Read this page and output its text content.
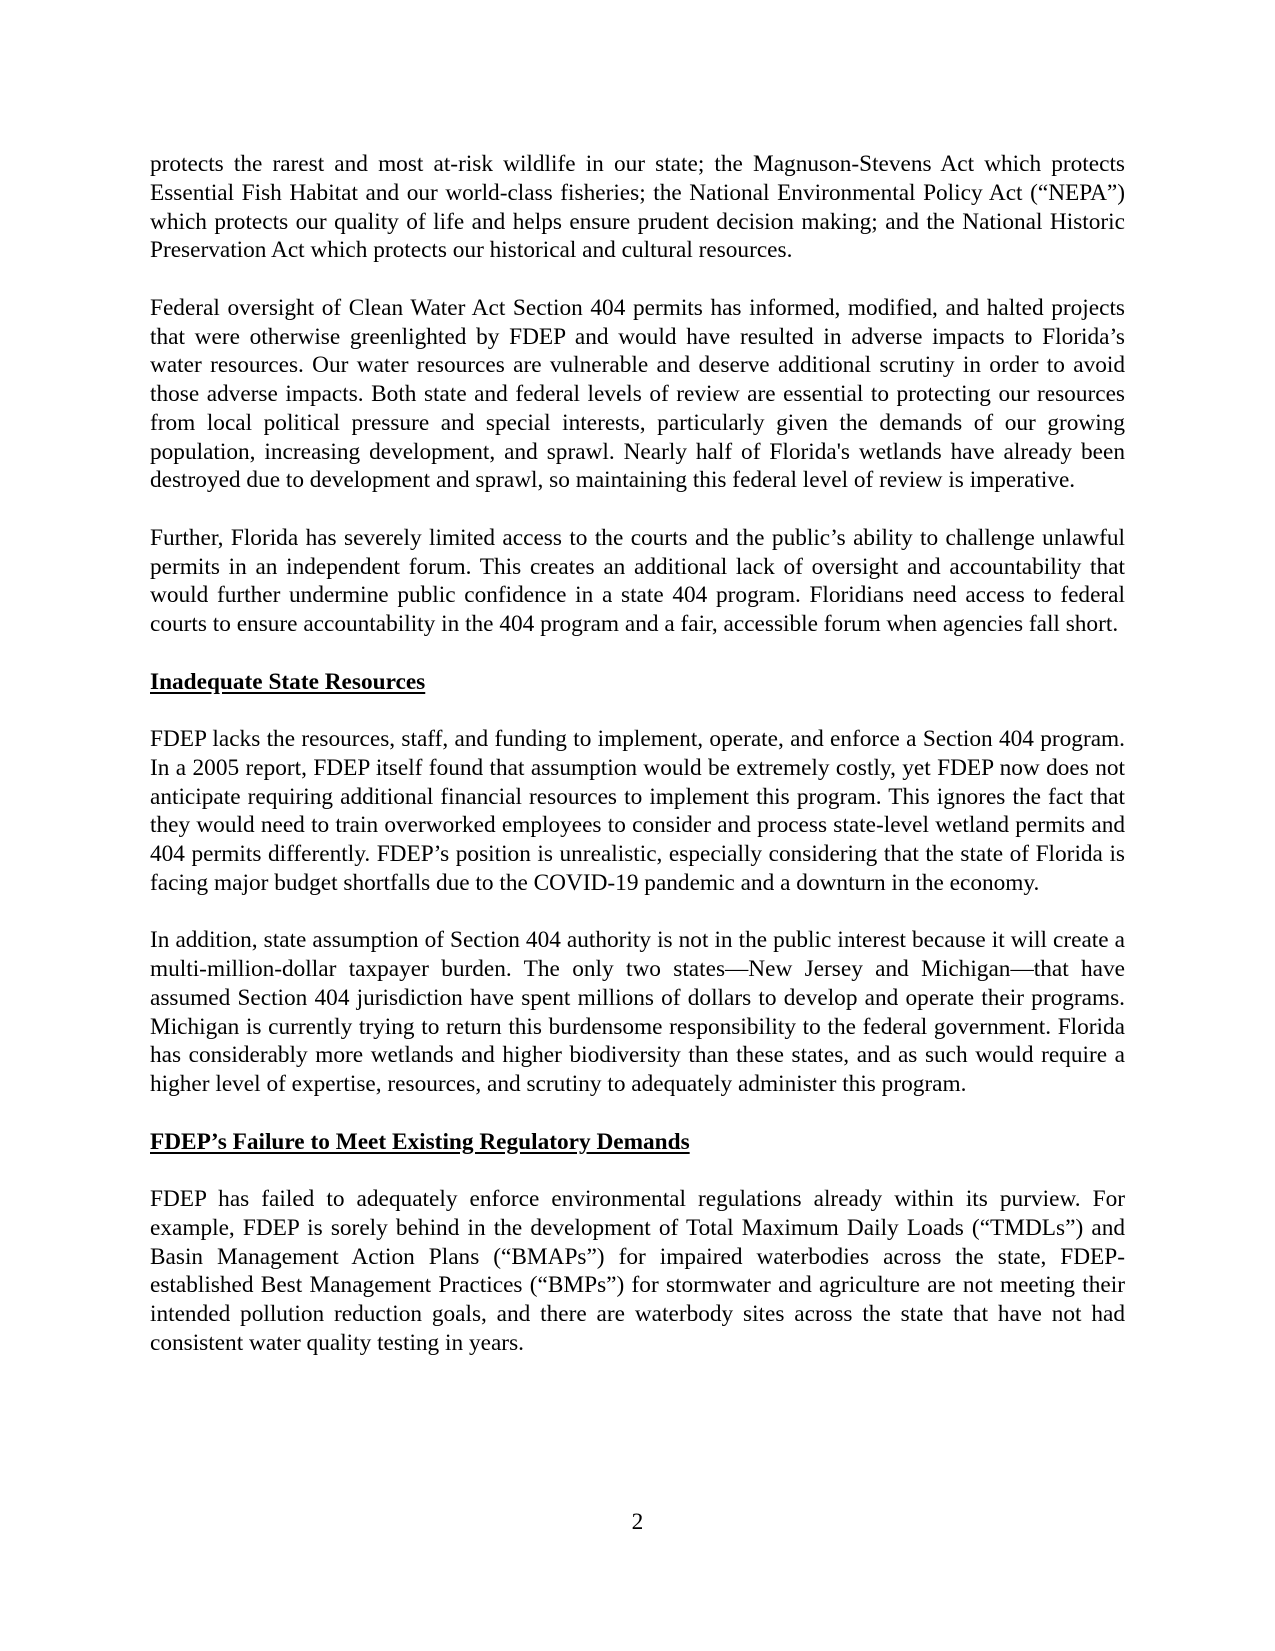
protects the rarest and most at-risk wildlife in our state; the Magnuson-Stevens Act which protects Essential Fish Habitat and our world-class fisheries; the National Environmental Policy Act (“NEPA”) which protects our quality of life and helps ensure prudent decision making; and the National Historic Preservation Act which protects our historical and cultural resources.

Federal oversight of Clean Water Act Section 404 permits has informed, modified, and halted projects that were otherwise greenlighted by FDEP and would have resulted in adverse impacts to Florida’s water resources. Our water resources are vulnerable and deserve additional scrutiny in order to avoid those adverse impacts. Both state and federal levels of review are essential to protecting our resources from local political pressure and special interests, particularly given the demands of our growing population, increasing development, and sprawl. Nearly half of Florida's wetlands have already been destroyed due to development and sprawl, so maintaining this federal level of review is imperative.

Further, Florida has severely limited access to the courts and the public’s ability to challenge unlawful permits in an independent forum. This creates an additional lack of oversight and accountability that would further undermine public confidence in a state 404 program. Floridians need access to federal courts to ensure accountability in the 404 program and a fair, accessible forum when agencies fall short.

Inadequate State Resources

FDEP lacks the resources, staff, and funding to implement, operate, and enforce a Section 404 program. In a 2005 report, FDEP itself found that assumption would be extremely costly, yet FDEP now does not anticipate requiring additional financial resources to implement this program. This ignores the fact that they would need to train overworked employees to consider and process state-level wetland permits and 404 permits differently. FDEP’s position is unrealistic, especially considering that the state of Florida is facing major budget shortfalls due to the COVID-19 pandemic and a downturn in the economy.

In addition, state assumption of Section 404 authority is not in the public interest because it will create a multi-million-dollar taxpayer burden. The only two states—New Jersey and Michigan—that have assumed Section 404 jurisdiction have spent millions of dollars to develop and operate their programs. Michigan is currently trying to return this burdensome responsibility to the federal government. Florida has considerably more wetlands and higher biodiversity than these states, and as such would require a higher level of expertise, resources, and scrutiny to adequately administer this program.

FDEP’s Failure to Meet Existing Regulatory Demands

FDEP has failed to adequately enforce environmental regulations already within its purview. For example, FDEP is sorely behind in the development of Total Maximum Daily Loads (“TMDLs”) and Basin Management Action Plans (“BMAPs”) for impaired waterbodies across the state, FDEP-established Best Management Practices (“BMPs”) for stormwater and agriculture are not meeting their intended pollution reduction goals, and there are waterbody sites across the state that have not had consistent water quality testing in years.

2
